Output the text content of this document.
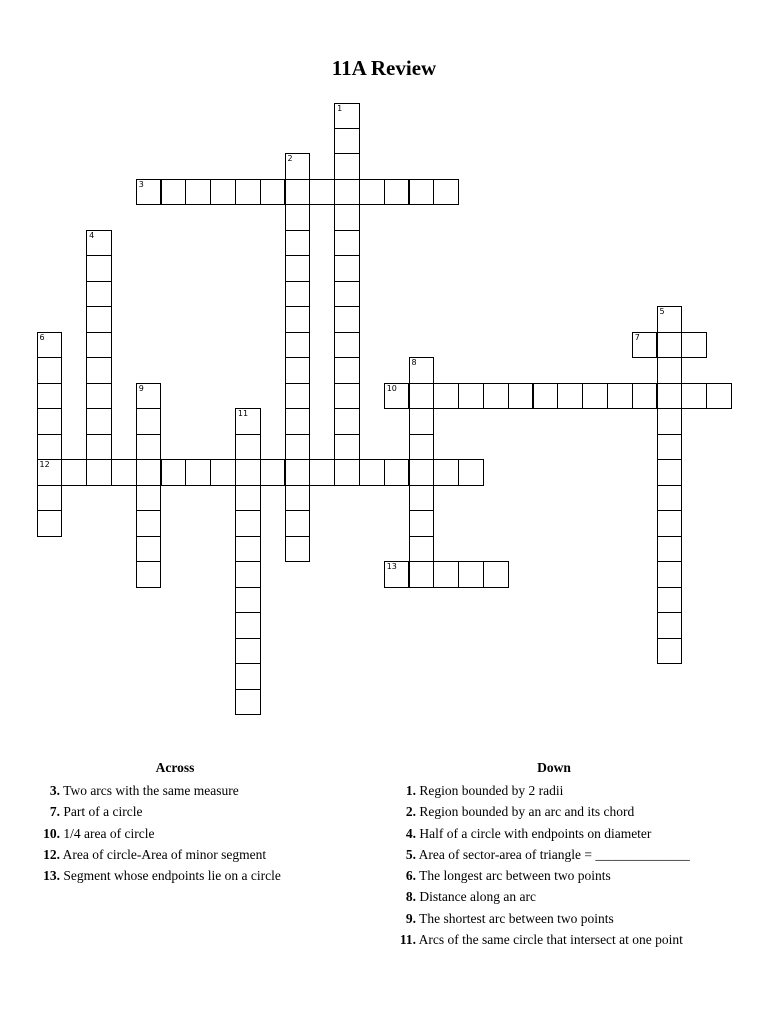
11A Review
1
2
3
4
5
6
12
7
8
9	10
11
13
Across
3. Two arcs with the same measure
7. Part of a circle
10. 1/4 area of circle
12. Area of circle-Area of minor segment
13. Segment whose endpoints lie on a circle
Down
1. Region bounded by 2 radii
2. Region bounded by an arc and its chord
4. Half of a circle with endpoints on diameter
5. Area of sector-area of triangle = ______________
6. The longest arc between two points
8. Distance along an arc
9. The shortest arc between two points
11. Arcs of the same circle that intersect at one point
